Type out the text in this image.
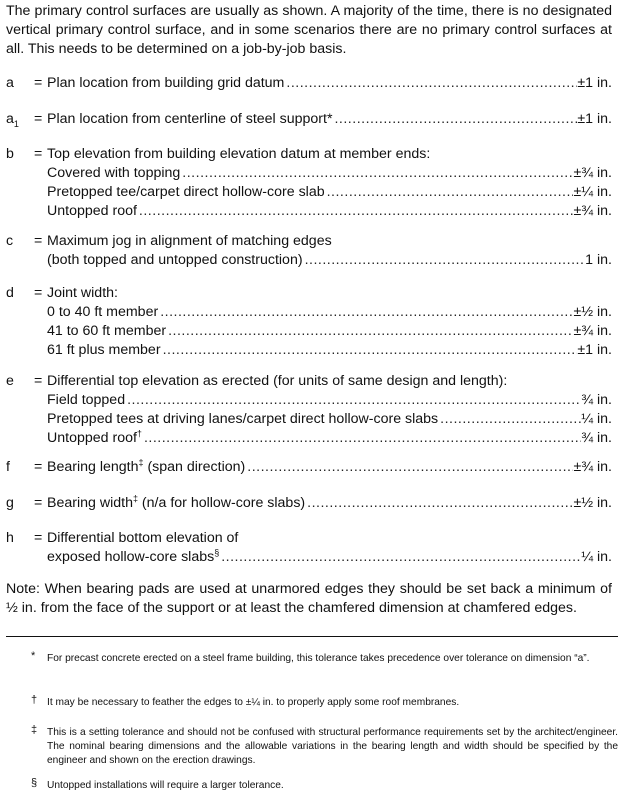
The primary control surfaces are usually as shown. A majority of the time, there is no designated vertical primary control surface, and in some scenarios there are no primary control surfaces at all. This needs to be determined on a job-by-job basis.
a = Plan location from building grid datum .....	±1 in.
$a_1$ = Plan location from centerline of steel support* .....	±1 in.
b = Top elevation from building elevation datum at member ends:
Covered with topping .....	±¾ in.
Pretopped tee/carpet direct hollow-core slab .....	±¼ in.
Untopped roof .....	±¾ in.
c = Maximum jog in alignment of matching edges
(both topped and untopped construction) .....	1 in.
d = Joint width:
0 to 40 ft member .....	±½ in.
41 to 60 ft member .....	±¾ in.
61 ft plus member .....	±1 in.
e = Differential top elevation as erected (for units of same design and length):
Field topped .....	¾ in.
Pretopped tees at driving lanes/carpet direct hollow-core slabs .....	¼ in.
Untopped roof† .....	¾ in.
f = Bearing length‡ (span direction) .....	±¾ in.
g = Bearing width‡ (n/a for hollow-core slabs) .....	±½ in.
h = Differential bottom elevation of
exposed hollow-core slabs§ .....	¼ in.
Note: When bearing pads are used at unarmored edges they should be set back a minimum of ½ in. from the face of the support or at least the chamfered dimension at chamfered edges.
* For precast concrete erected on a steel frame building, this tolerance takes precedence over tolerance on dimension “a”.
† It may be necessary to feather the edges to ±¼ in. to properly apply some roof membranes.
‡ This is a setting tolerance and should not be confused with structural performance requirements set by the architect/engineer. The nominal bearing dimensions and the allowable variations in the bearing length and width should be specified by the engineer and shown on the erection drawings.
§ Untopped installations will require a larger tolerance.
